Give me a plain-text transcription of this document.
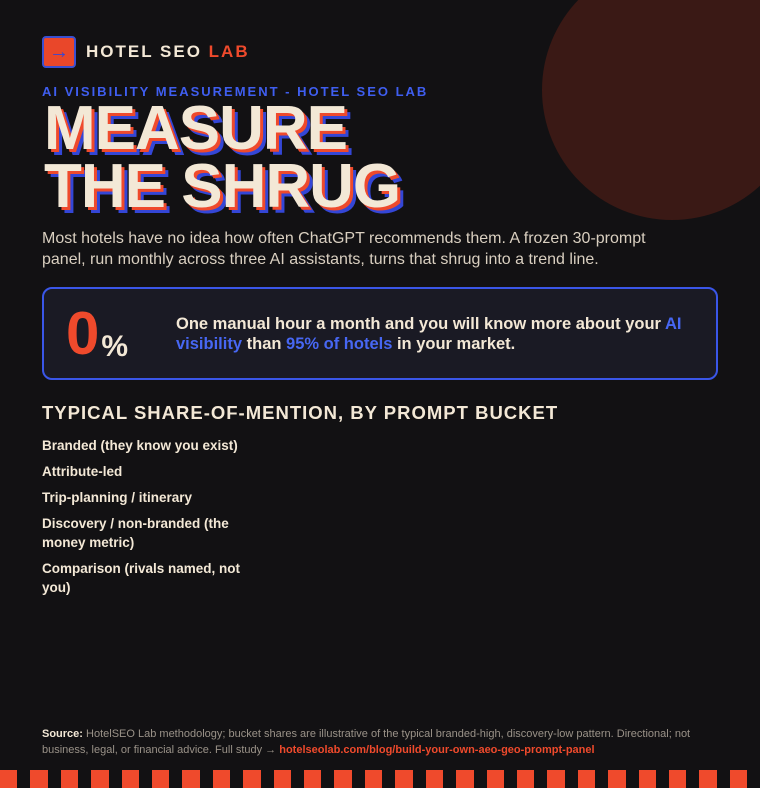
→	HOTEL SEO LAB
AI VISIBILITY MEASUREMENT - HOTEL SEO LAB
MEASURE
THE SHRUG

Most hotels have no idea how often ChatGPT recommends them. A frozen 30-prompt panel, run monthly across three AI assistants, turns that shrug into a trend line.

0 %
One manual hour a month and you will know more about your AI visibility than 95% of hotels in your market.
TYPICAL SHARE-OF-MENTION, BY PROMPT BUCKET
Branded (they know you exist)
Attribute-led
Trip-planning / itinerary
Discovery / non-branded (the money metric)
Comparison (rivals named, not you)
Source: HotelSEO Lab methodology; bucket shares are illustrative of the typical branded-high, discovery-low pattern. Directional; not business, legal, or financial advice. Full study → hotelseolab.com/blog/build-your-own-aeo-geo-prompt-panel
